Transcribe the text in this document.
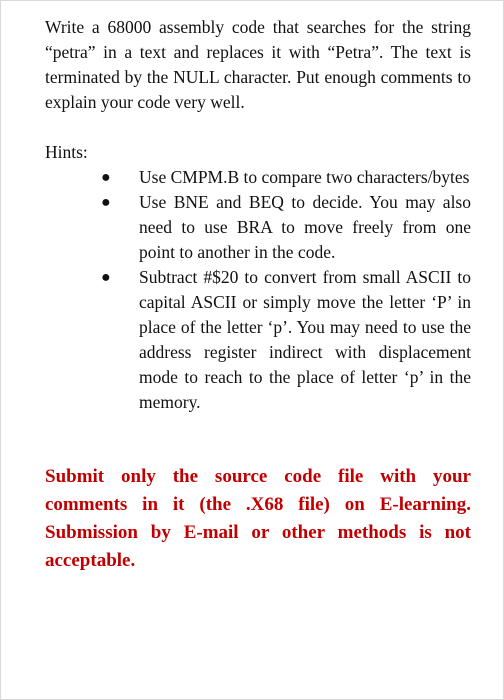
Write a 68000 assembly code that searches for the string “petra” in a text and replaces it with “Petra”. The text is terminated by the NULL character. Put enough comments to explain your code very well.

Hints:

● Use CMPM.B to compare two characters/bytes
● Use BNE and BEQ to decide. You may also need to use BRA to move freely from one point to another in the code.
● Subtract #$20 to convert from small ASCII to capital ASCII or simply move the letter ‘P’ in place of the letter ‘p’. You may need to use the address register indirect with displacement mode to reach to the place of letter ‘p’ in the memory.

Submit only the source code file with your comments in it (the .X68 file) on E-learning. Submission by E-mail or other methods is not acceptable.
